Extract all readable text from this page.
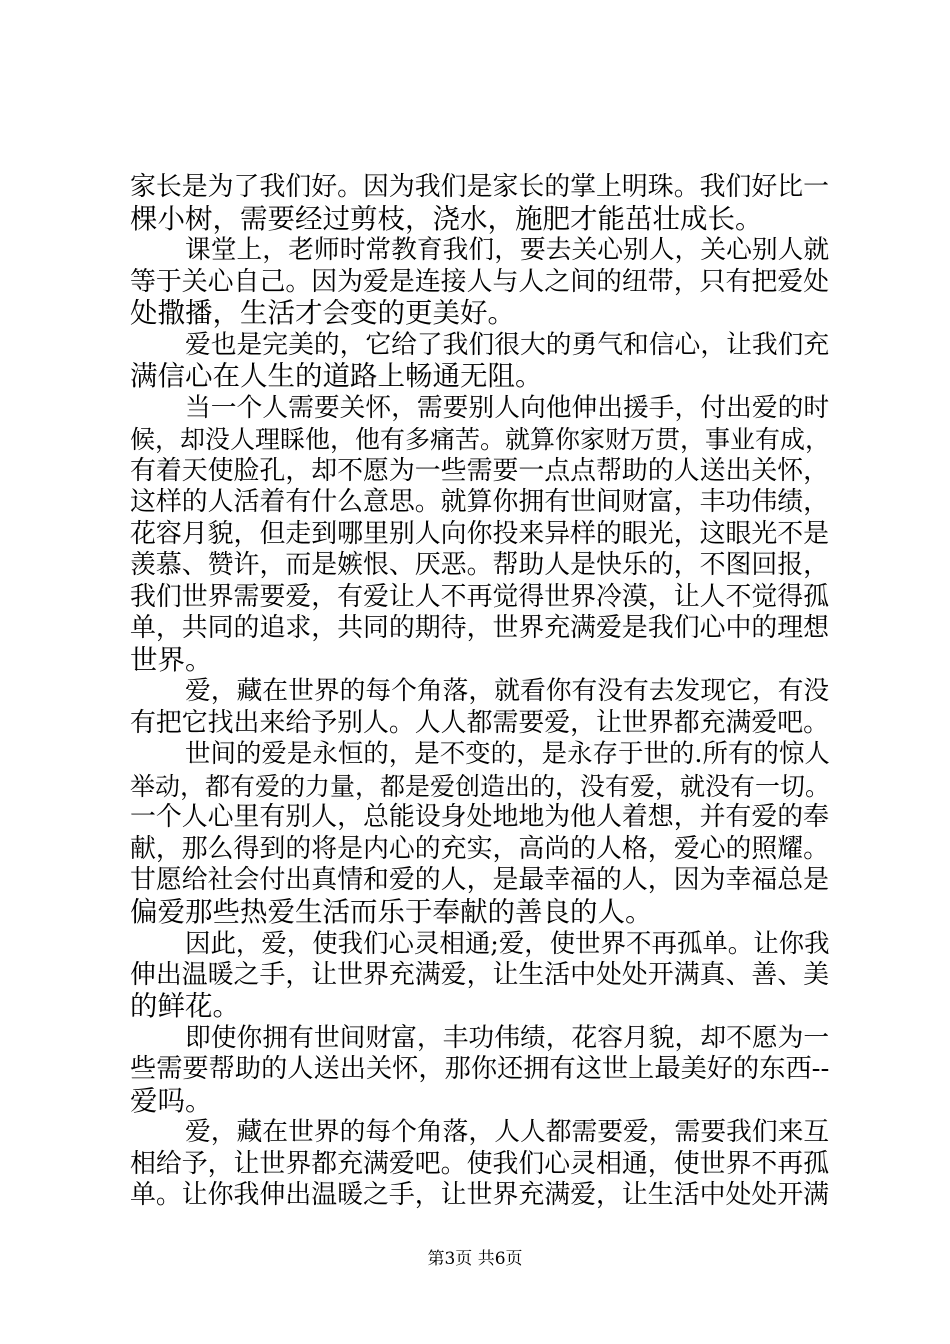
家长是为了我们好。因为我们是家长的掌上明珠。我们好比一
棵小树，需要经过剪枝，浇水，施肥才能茁壮成长。
课堂上，老师时常教育我们，要去关心别人，关心别人就
等于关心自己。因为爱是连接人与人之间的纽带，只有把爱处
处撒播，生活才会变的更美好。
爱也是完美的，它给了我们很大的勇气和信心，让我们充
满信心在人生的道路上畅通无阻。
当一个人需要关怀，需要别人向他伸出援手，付出爱的时
候，却没人理睬他，他有多痛苦。就算你家财万贯，事业有成，
有着天使脸孔，却不愿为一些需要一点点帮助的人送出关怀，
这样的人活着有什么意思。就算你拥有世间财富，丰功伟绩，
花容月貌，但走到哪里别人向你投来异样的眼光，这眼光不是
羡慕、赞许，而是嫉恨、厌恶。帮助人是快乐的，不图回报，
我们世界需要爱，有爱让人不再觉得世界冷漠，让人不觉得孤
单，共同的追求，共同的期待，世界充满爱是我们心中的理想
世界。
爱，藏在世界的每个角落，就看你有没有去发现它，有没
有把它找出来给予别人。人人都需要爱，让世界都充满爱吧。
世间的爱是永恒的，是不变的，是永存于世的.所有的惊人
举动，都有爱的力量，都是爱创造出的，没有爱，就没有一切。
一个人心里有别人，总能设身处地地为他人着想，并有爱的奉
献，那么得到的将是内心的充实，高尚的人格，爱心的照耀。
甘愿给社会付出真情和爱的人，是最幸福的人，因为幸福总是
偏爱那些热爱生活而乐于奉献的善良的人。
因此，爱，使我们心灵相通;爱，使世界不再孤单。让你我
伸出温暖之手，让世界充满爱，让生活中处处开满真、善、美
的鲜花。
即使你拥有世间财富，丰功伟绩，花容月貌，却不愿为一
些需要帮助的人送出关怀，那你还拥有这世上最美好的东西--
爱吗。
爱，藏在世界的每个角落，人人都需要爱，需要我们来互
相给予，让世界都充满爱吧。使我们心灵相通，使世界不再孤
单。让你我伸出温暖之手，让世界充满爱，让生活中处处开满
第3页 共6页
